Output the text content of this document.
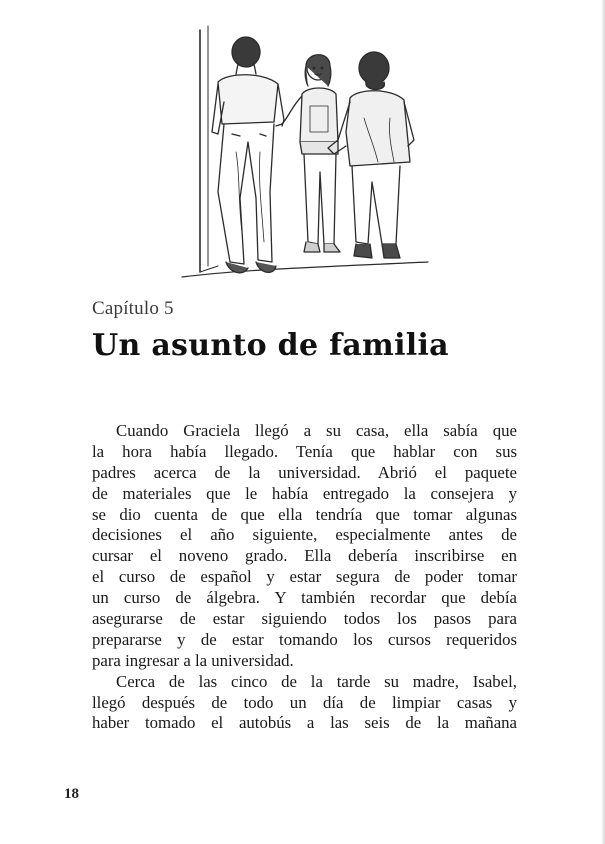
Capítulo 5
Un asunto de familia
Cuando Graciela llegó a su casa, ella sabía que
la hora había llegado. Tenía que hablar con sus
padres acerca de la universidad. Abrió el paquete
de materiales que le había entregado la consejera y
se dio cuenta de que ella tendría que tomar algunas
decisiones el año siguiente, especialmente antes de
cursar el noveno grado. Ella debería inscribirse en
el curso de español y estar segura de poder tomar
un curso de álgebra. Y también recordar que debía
asegurarse de estar siguiendo todos los pasos para
prepararse y de estar tomando los cursos requeridos
para ingresar a la universidad.
Cerca de las cinco de la tarde su madre, Isabel,
llegó después de todo un día de limpiar casas y
haber tomado el autobús a las seis de la mañana
18
